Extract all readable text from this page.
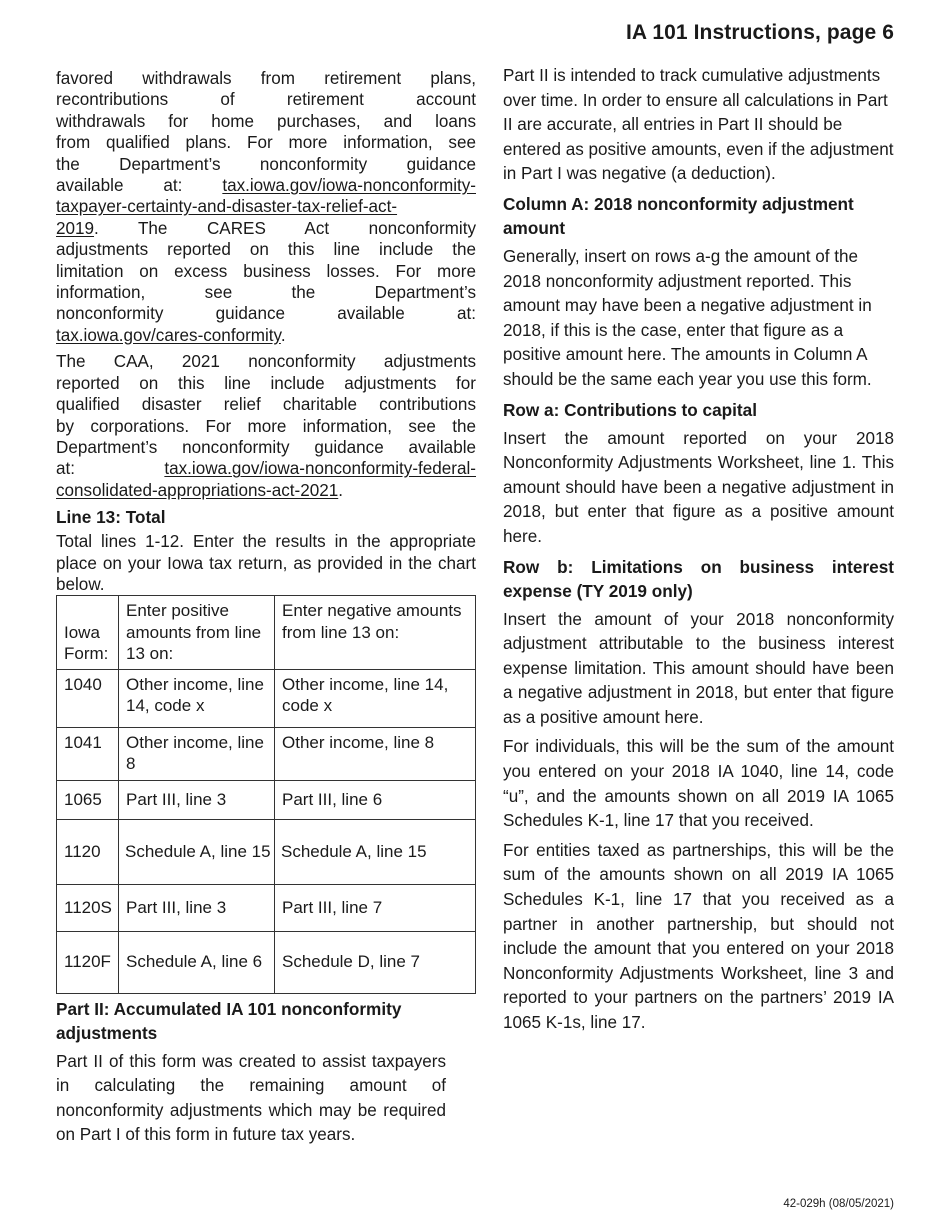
IA 101 Instructions, page 6

favored withdrawals from retirement plans,

recontributions of retirement account

withdrawals for home purchases, and loans

from qualified plans. For more information, see

the Department’s nonconformity guidance

available at: tax.iowa.gov/iowa-nonconformity-

taxpayer-certainty-and-disaster-tax-relief-act-

2019. The CARES Act nonconformity

adjustments reported on this line include the

limitation on excess business losses. For more

information, see the Department’s

nonconformity guidance available at:

tax.iowa.gov/cares-conformity.

The CAA, 2021 nonconformity adjustments

reported on this line include adjustments for

qualified disaster relief charitable contributions

by corporations. For more information, see the

Department’s nonconformity guidance available

at: tax.iowa.gov/iowa-nonconformity-federal-

consolidated-appropriations-act-2021.

Line 13: Total

Total lines 1-12. Enter the results in the appropriate place on your Iowa tax return, as provided in the chart below.

Iowa Form:	Enter positive amounts from line 13 on:	Enter negative amounts from line 13 on:
1040	Other income, line 14, code x	Other income, line 14, code x
1041	Other income, line 8	Other income, line 8
1065	Part III, line 3	Part III, line 6
1120	Schedule A, line 15	Schedule A, line 15
1120S	Part III, line 3	Part III, line 7
1120F	Schedule A, line 6	Schedule D, line 7
Part II: Accumulated IA 101 nonconformity adjustments

Part II of this form was created to assist taxpayers in calculating the remaining amount of nonconformity adjustments which may be required on Part I of this form in future tax years.

Part II is intended to track cumulative adjustments over time. In order to ensure all calculations in Part II are accurate, all entries in Part II should be entered as positive amounts, even if the adjustment in Part I was negative (a deduction).

Column A: 2018 nonconformity adjustment amount

Generally, insert on rows a-g the amount of the 2018 nonconformity adjustment reported. This amount may have been a negative adjustment in 2018, if this is the case, enter that figure as a positive amount here. The amounts in Column A should be the same each year you use this form.

Row a: Contributions to capital

Insert the amount reported on your 2018 Nonconformity Adjustments Worksheet, line 1. This amount should have been a negative adjustment in 2018, but enter that figure as a positive amount here.

Row b: Limitations on business interest expense (TY 2019 only)

Insert the amount of your 2018 nonconformity adjustment attributable to the business interest expense limitation. This amount should have been a negative adjustment in 2018, but enter that figure as a positive amount here.

For individuals, this will be the sum of the amount you entered on your 2018 IA 1040, line 14, code “u”, and the amounts shown on all 2019 IA 1065 Schedules K-1, line 17 that you received.

For entities taxed as partnerships, this will be the sum of the amounts shown on all 2019 IA 1065 Schedules K-1, line 17 that you received as a partner in another partnership, but should not include the amount that you entered on your 2018 Nonconformity Adjustments Worksheet, line 3 and reported to your partners on the partners’ 2019 IA 1065 K-1s, line 17.

42-029h (08/05/2021)
